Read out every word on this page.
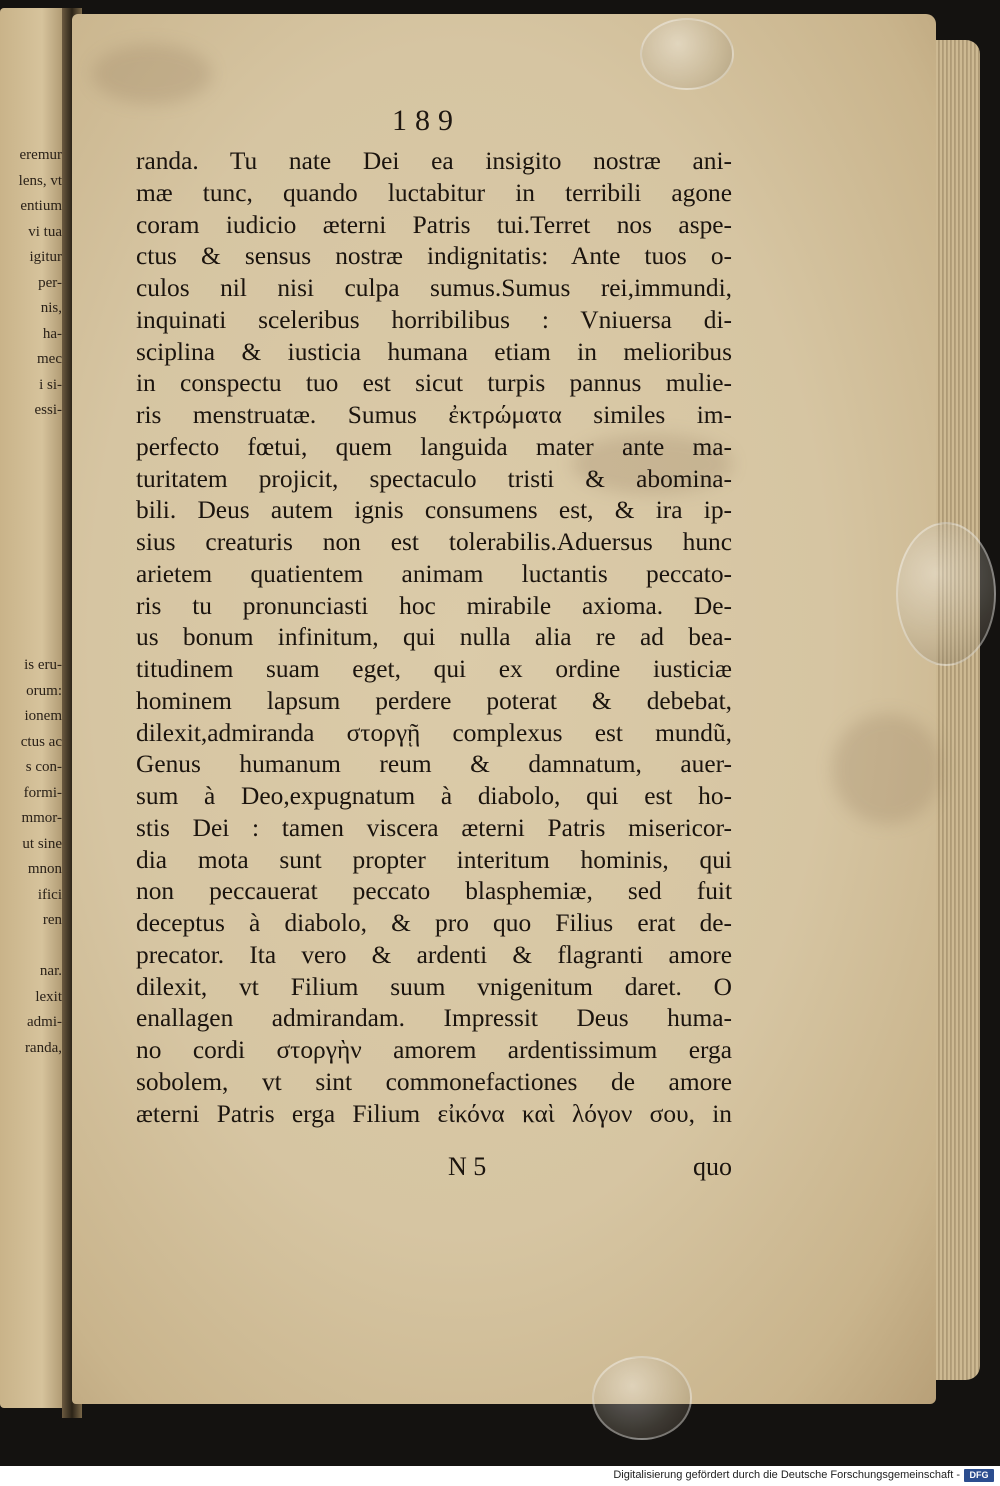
eremur
lens, vt
entium
vi tua
igitur
per-
nis,
ha-
mec
i si-
essi-

is eru-
orum:
ionem
ctus ac
s con-
formi-
mmor-
ut sine
mnon
ifici
ren

nar.
lexit
admi-
randa,
189
randa. Tu nate Dei ea insigito nostræ ani-
mæ tunc, quando luctabitur in terribili agone
coram iudicio æterni Patris tui.Terret nos aspe-
ctus & sensus nostræ indignitatis: Ante tuos o-
culos nil nisi culpa sumus.Sumus rei,immundi,
inquinati sceleribus horribilibus : Vniuersa di-
sciplina & iusticia humana etiam in melioribus
in conspectu tuo est sicut turpis pannus mulie-
ris menstruatæ. Sumus ἐκτρώματα similes im-
perfecto fœtui, quem languida mater ante ma-
turitatem projicit, spectaculo tristi & abomina-
bili. Deus autem ignis consumens est, & ira ip-
sius creaturis non est tolerabilis.Aduersus hunc
arietem quatientem animam luctantis peccato-
ris tu pronunciasti hoc mirabile axioma. De-
us bonum infinitum, qui nulla alia re ad bea-
titudinem suam eget, qui ex ordine iusticiæ
hominem lapsum perdere poterat & debebat,
dilexit,admiranda στοργῇ complexus est mundũ,
Genus humanum reum & damnatum, auer-
sum à Deo,expugnatum à diabolo, qui est ho-
stis Dei : tamen viscera æterni Patris misericor-
dia mota sunt propter interitum hominis, qui
non peccauerat peccato blasphemiæ, sed fuit
deceptus à diabolo, & pro quo Filius erat de-
precator. Ita vero & ardenti & flagranti amore
dilexit, vt Filium suum vnigenitum daret. O
enallagen admirandam. Impressit Deus huma-
no cordi στοργὴν amorem ardentissimum erga
sobolem, vt sint commonefactiones de amore
æterni Patris erga Filium εἰκόνα καὶ λόγον σου, in
N 5	quo
Digitalisierung gefördert durch die Deutsche Forschungsgemeinschaft -	DFG
